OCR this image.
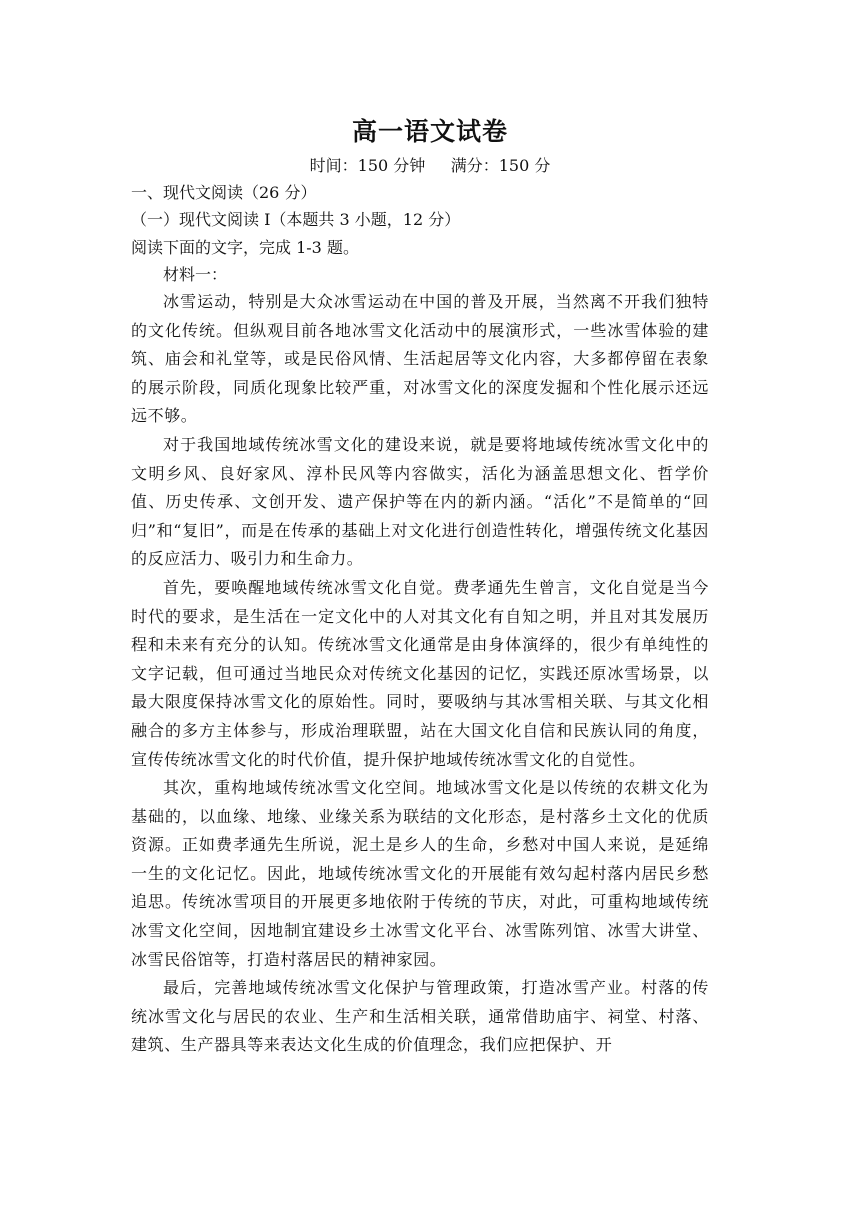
高一语文试卷
时间：150 分钟     满分：150 分
一、现代文阅读（26 分）
（一）现代文阅读 I（本题共 3 小题，12 分）
阅读下面的文字，完成 1-3 题。
材料一：

冰雪运动，特别是大众冰雪运动在中国的普及开展，当然离不开我们独特的文化传统。但纵观目前各地冰雪文化活动中的展演形式，一些冰雪体验的建筑、庙会和礼堂等，或是民俗风情、生活起居等文化内容，大多都停留在表象的展示阶段，同质化现象比较严重，对冰雪文化的深度发掘和个性化展示还远远不够。

对于我国地域传统冰雪文化的建设来说，就是要将地域传统冰雪文化中的文明乡风、良好家风、淳朴民风等内容做实，活化为涵盖思想文化、哲学价值、历史传承、文创开发、遗产保护等在内的新内涵。“活化”不是简单的“回归”和“复旧”，而是在传承的基础上对文化进行创造性转化，增强传统文化基因的反应活力、吸引力和生命力。

首先，要唤醒地域传统冰雪文化自觉。费孝通先生曾言，文化自觉是当今时代的要求，是生活在一定文化中的人对其文化有自知之明，并且对其发展历程和未来有充分的认知。传统冰雪文化通常是由身体演绎的，很少有单纯性的文字记载，但可通过当地民众对传统文化基因的记忆，实践还原冰雪场景，以最大限度保持冰雪文化的原始性。同时，要吸纳与其冰雪相关联、与其文化相融合的多方主体参与，形成治理联盟，站在大国文化自信和民族认同的角度，宣传传统冰雪文化的时代价值，提升保护地域传统冰雪文化的自觉性。

其次，重构地域传统冰雪文化空间。地域冰雪文化是以传统的农耕文化为基础的，以血缘、地缘、业缘关系为联结的文化形态，是村落乡土文化的优质资源。正如费孝通先生所说，泥土是乡人的生命，乡愁对中国人来说，是延绵一生的文化记忆。因此，地域传统冰雪文化的开展能有效勾起村落内居民乡愁追思。传统冰雪项目的开展更多地依附于传统的节庆，对此，可重构地域传统冰雪文化空间，因地制宜建设乡土冰雪文化平台、冰雪陈列馆、冰雪大讲堂、冰雪民俗馆等，打造村落居民的精神家园。

最后，完善地域传统冰雪文化保护与管理政策，打造冰雪产业。村落的传统冰雪文化与居民的农业、生产和生活相关联，通常借助庙宇、祠堂、村落、建筑、生产器具等来表达文化生成的价值理念，我们应把保护、开
